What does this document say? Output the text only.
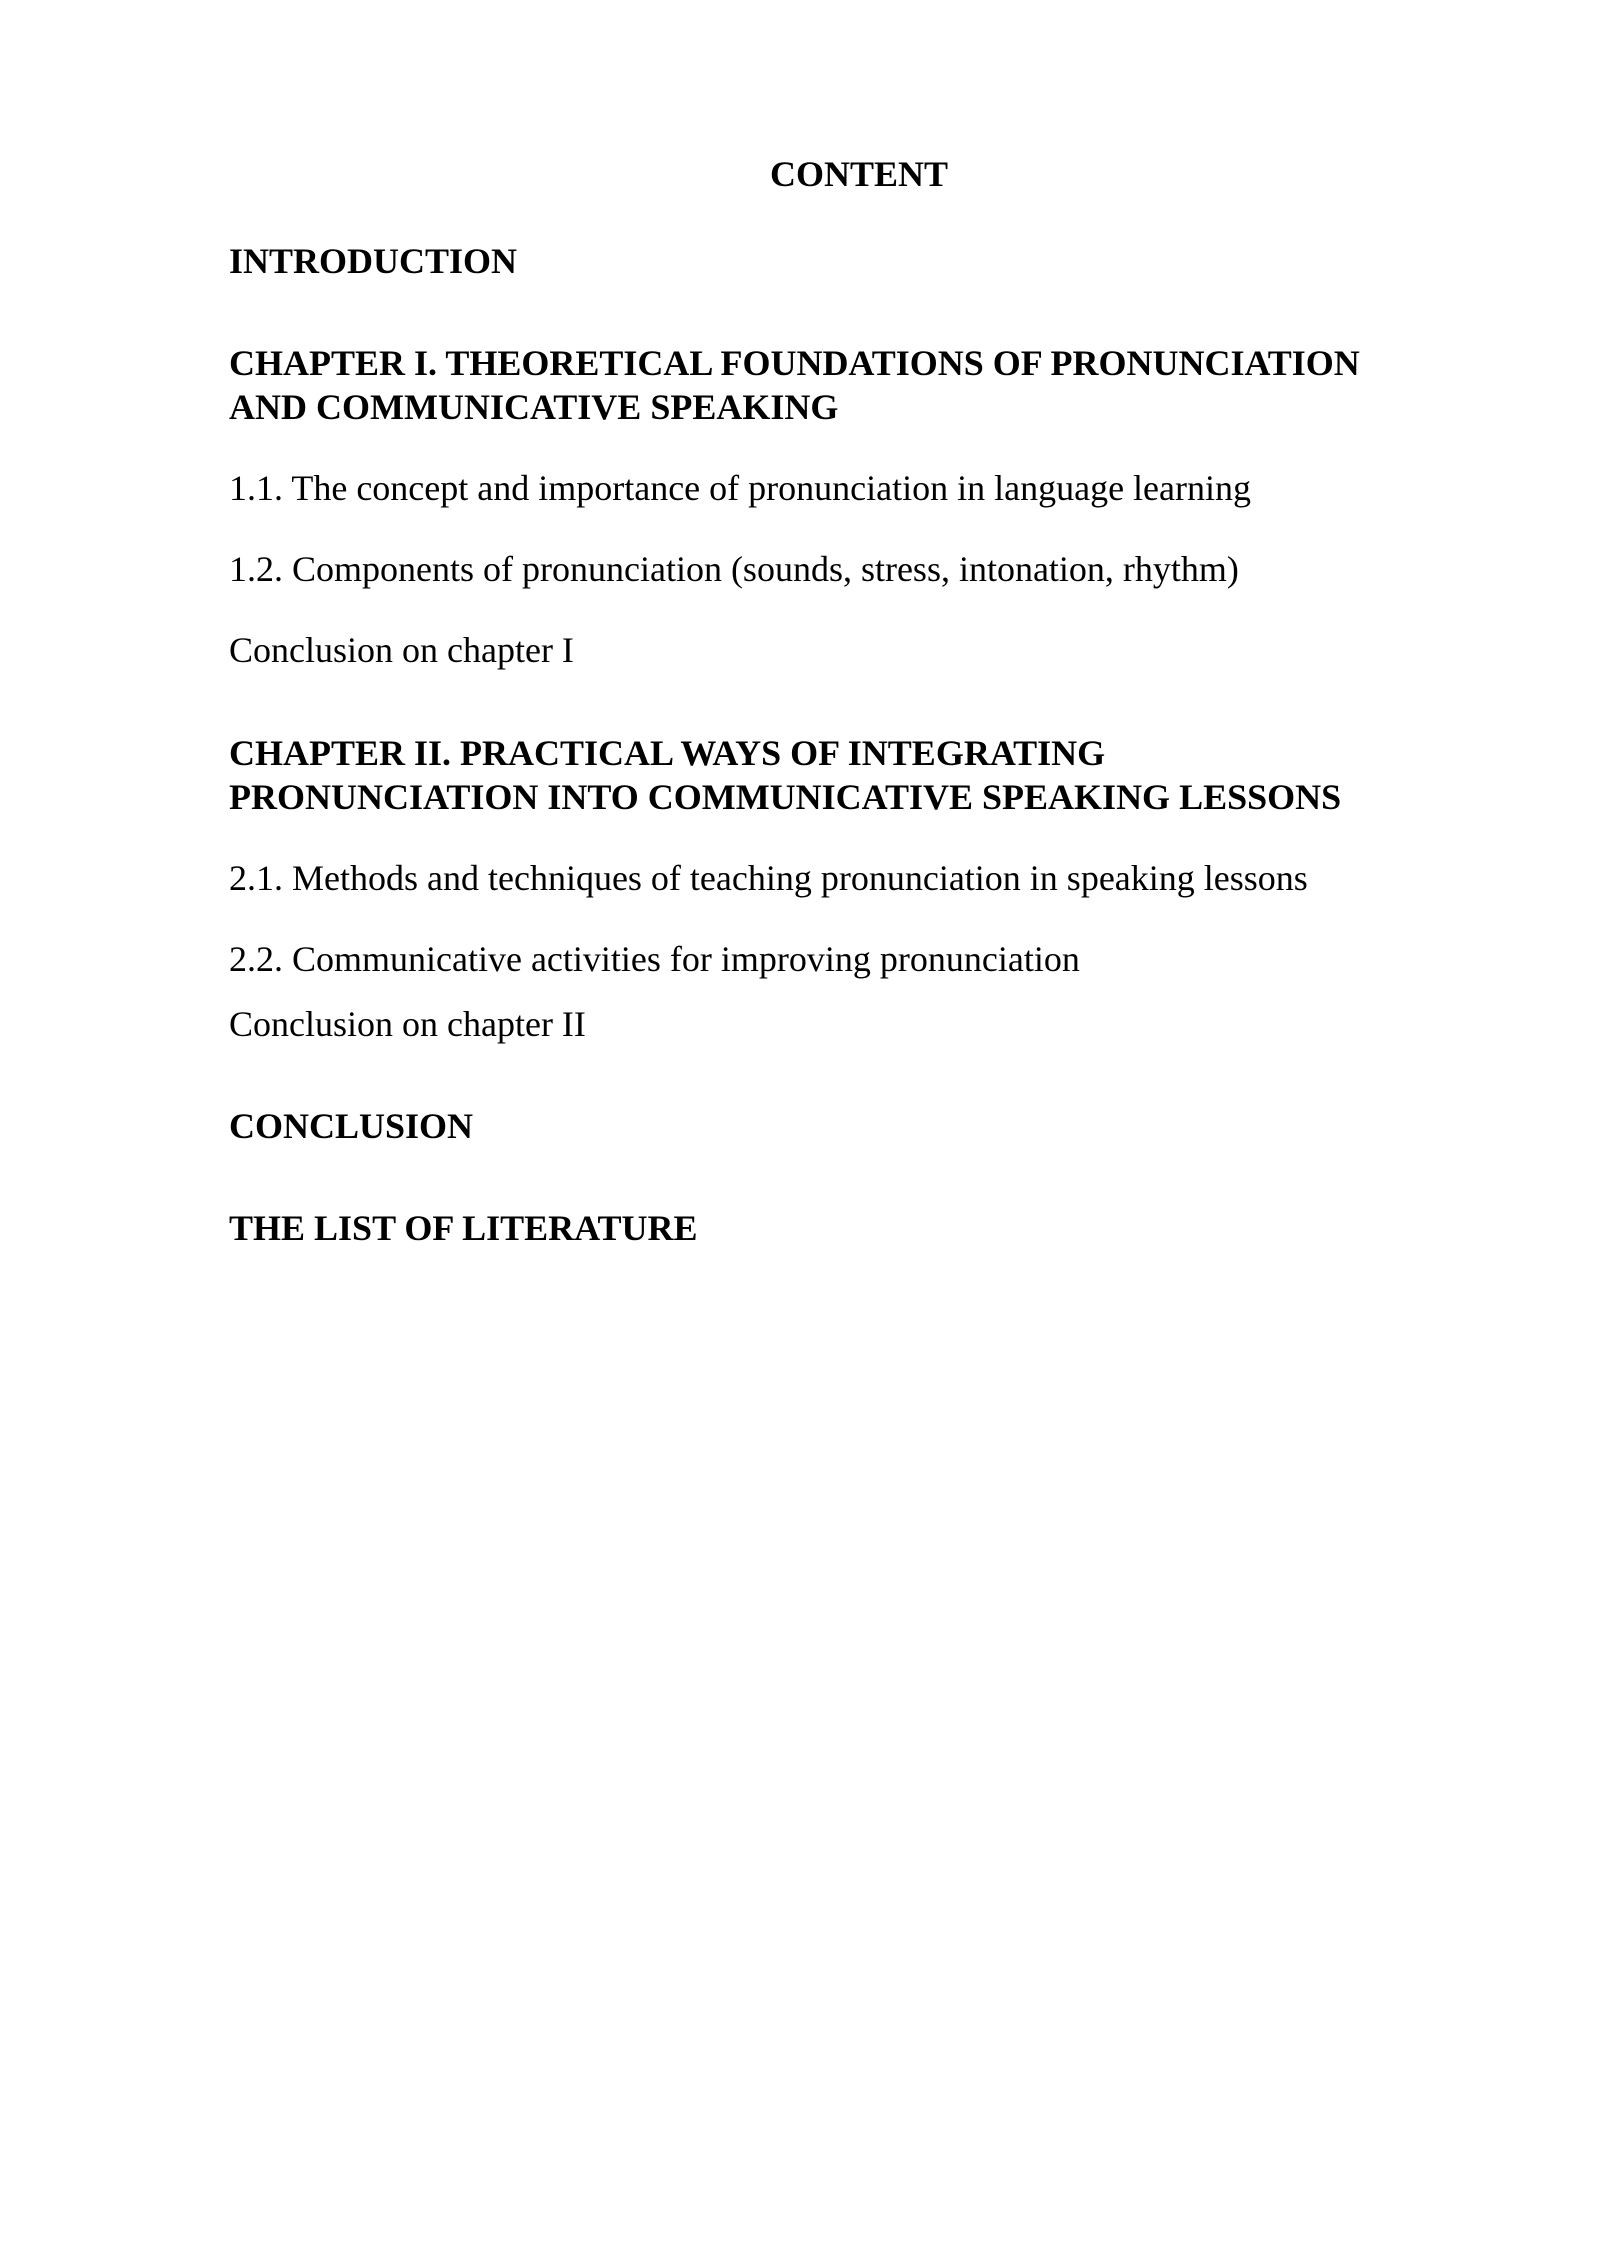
CONTENT

INTRODUCTION

CHAPTER I. THEORETICAL FOUNDATIONS OF PRONUNCIATION

AND COMMUNICATIVE SPEAKING

1.1. The concept and importance of pronunciation in language learning

1.2. Components of pronunciation (sounds, stress, intonation, rhythm)

Conclusion on chapter I

CHAPTER II. PRACTICAL WAYS OF INTEGRATING

PRONUNCIATION INTO COMMUNICATIVE SPEAKING LESSONS

2.1. Methods and techniques of teaching pronunciation in speaking lessons

2.2. Communicative activities for improving pronunciation

Conclusion on chapter II

CONCLUSION

THE LIST OF LITERATURE
